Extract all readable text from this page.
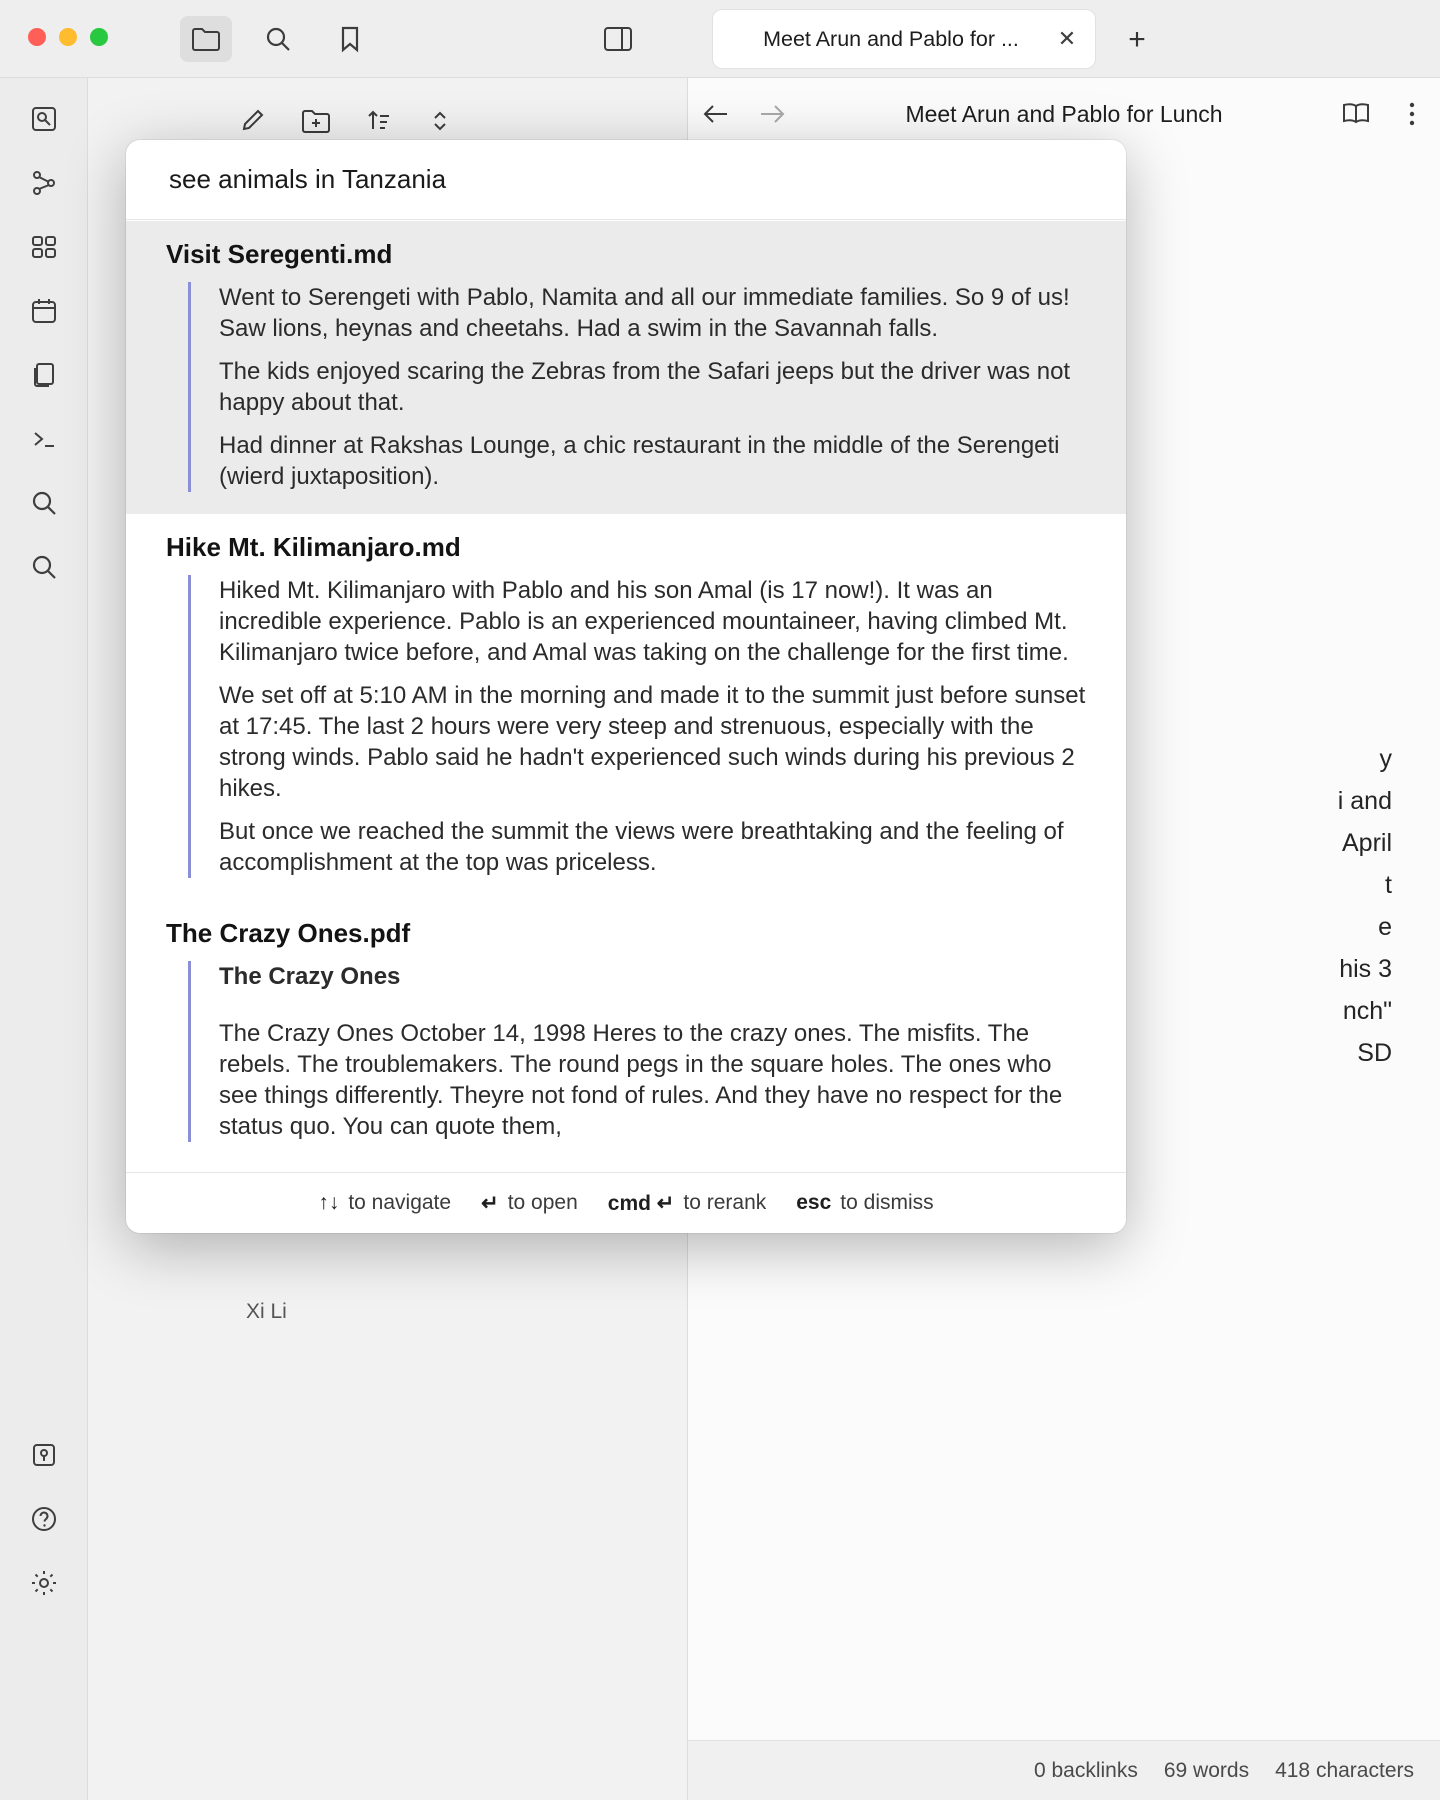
Meet Arun and Pablo for ...	✕	+
Xi Li
Meet Arun and Pablo for Lunch
y
i and
April
t
e
his 3
nch"
SD
0 backlinks 69 words 418 characters
see animals in Tanzania
Visit Seregenti.md

Went to Serengeti with Pablo, Namita and all our immediate families. So 9 of us! Saw lions, heynas and cheetahs. Had a swim in the Savannah falls.

The kids enjoyed scaring the Zebras from the Safari jeeps but the driver was not happy about that.

Had dinner at Rakshas Lounge, a chic restaurant in the middle of the Serengeti (wierd juxtaposition).

Hike Mt. Kilimanjaro.md

Hiked Mt. Kilimanjaro with Pablo and his son Amal (is 17 now!). It was an incredible experience. Pablo is an experienced mountaineer, having climbed Mt. Kilimanjaro twice before, and Amal was taking on the challenge for the first time.

We set off at 5:10 AM in the morning and made it to the summit just before sunset at 17:45. The last 2 hours were very steep and strenuous, especially with the strong winds. Pablo said he hadn't experienced such winds during his previous 2 hikes.

But once we reached the summit the views were breathtaking and the feeling of accomplishment at the top was priceless.

The Crazy Ones.pdf

The Crazy Ones

The Crazy Ones October 14, 1998 Heres to the crazy ones. The misfits. The rebels. The troublemakers. The round pegs in the square holes. The ones who see things differently. Theyre not fond of rules. And they have no respect for the status quo. You can quote them,

↑↓ to navigate ↵ to open cmd ↵ to rerank esc to dismiss
